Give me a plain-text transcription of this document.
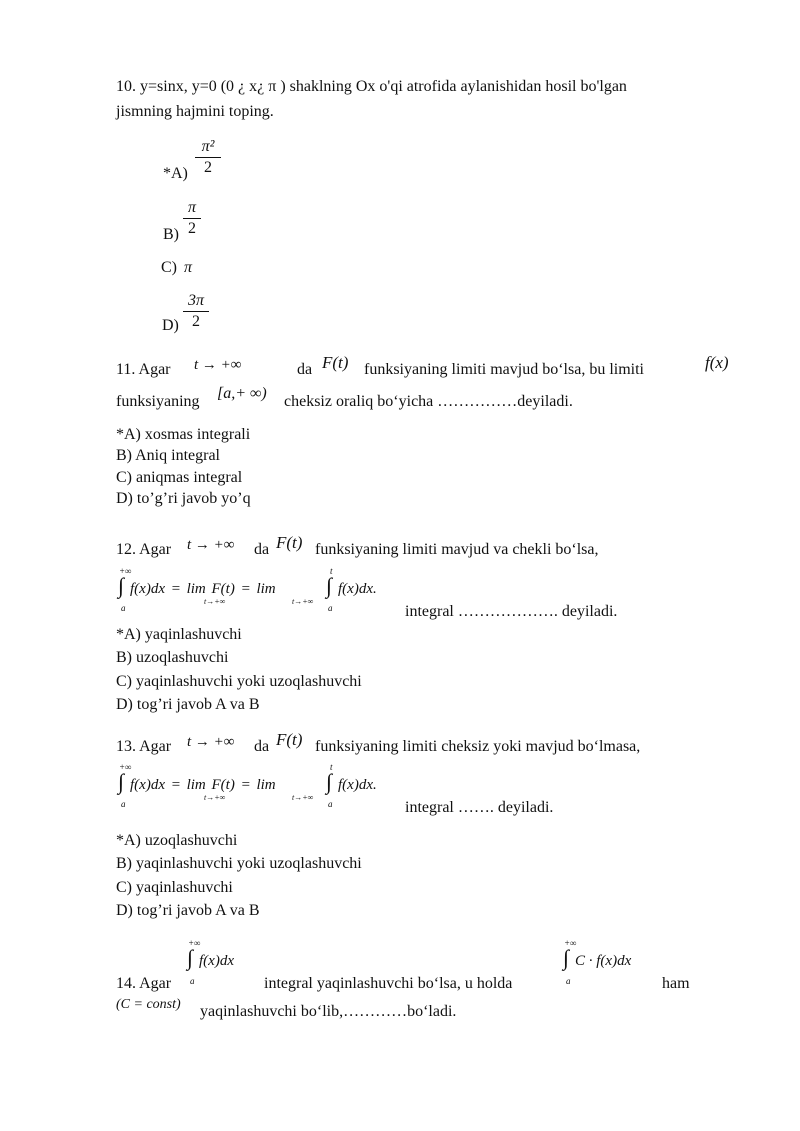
10. y=sinx, y=0 (0 ¿ x¿ π ) shaklning Ox o'qi atrofida aylanishidan hosil bo'lgan
jismning hajmini toping.
*A)
π²
2
B)
π
2
C) π
D)
3π
2
11. Agar t → +∞	da F(t) funksiyaning limiti mavjud bo‘lsa, bu limiti	f(x)
funksiyaning [a,+ ∞) cheksiz oraliq bo‘yicha ……………deyiladi.
*A) xosmas integrali
B) Aniq integral
C) aniqmas integral
D) to’g’ri javob yo’q
12. Agar t → +∞ da F(t) funksiyaning limiti mavjud va chekli bo‘lsa,
+∞
∫
a
f(x)dx = lim F(t) = lim
t→+∞	t→+∞
t
∫
a
f(x)dx.
integral ………………. deyiladi.
*A) yaqinlashuvchi
B) uzoqlashuvchi
C) yaqinlashuvchi yoki uzoqlashuvchi
D) tog’ri javob A va B
13. Agar t → +∞ da F(t) funksiyaning limiti cheksiz yoki mavjud bo‘lmasa,
+∞
∫
a
f(x)dx = lim F(t) = lim
t→+∞	t→+∞
t
∫
a
f(x)dx.
integral ……. deyiladi.
*A) uzoqlashuvchi
B) yaqinlashuvchi yoki uzoqlashuvchi
C) yaqinlashuvchi
D) tog’ri javob A va B
+∞
∫ f(x)dx
a
14. Agar	integral yaqinlashuvchi bo‘lsa, u holda
+∞
∫ C · f(x)dx
a	ham
(C = const) yaqinlashuvchi bo‘lib,…………bo‘ladi.
